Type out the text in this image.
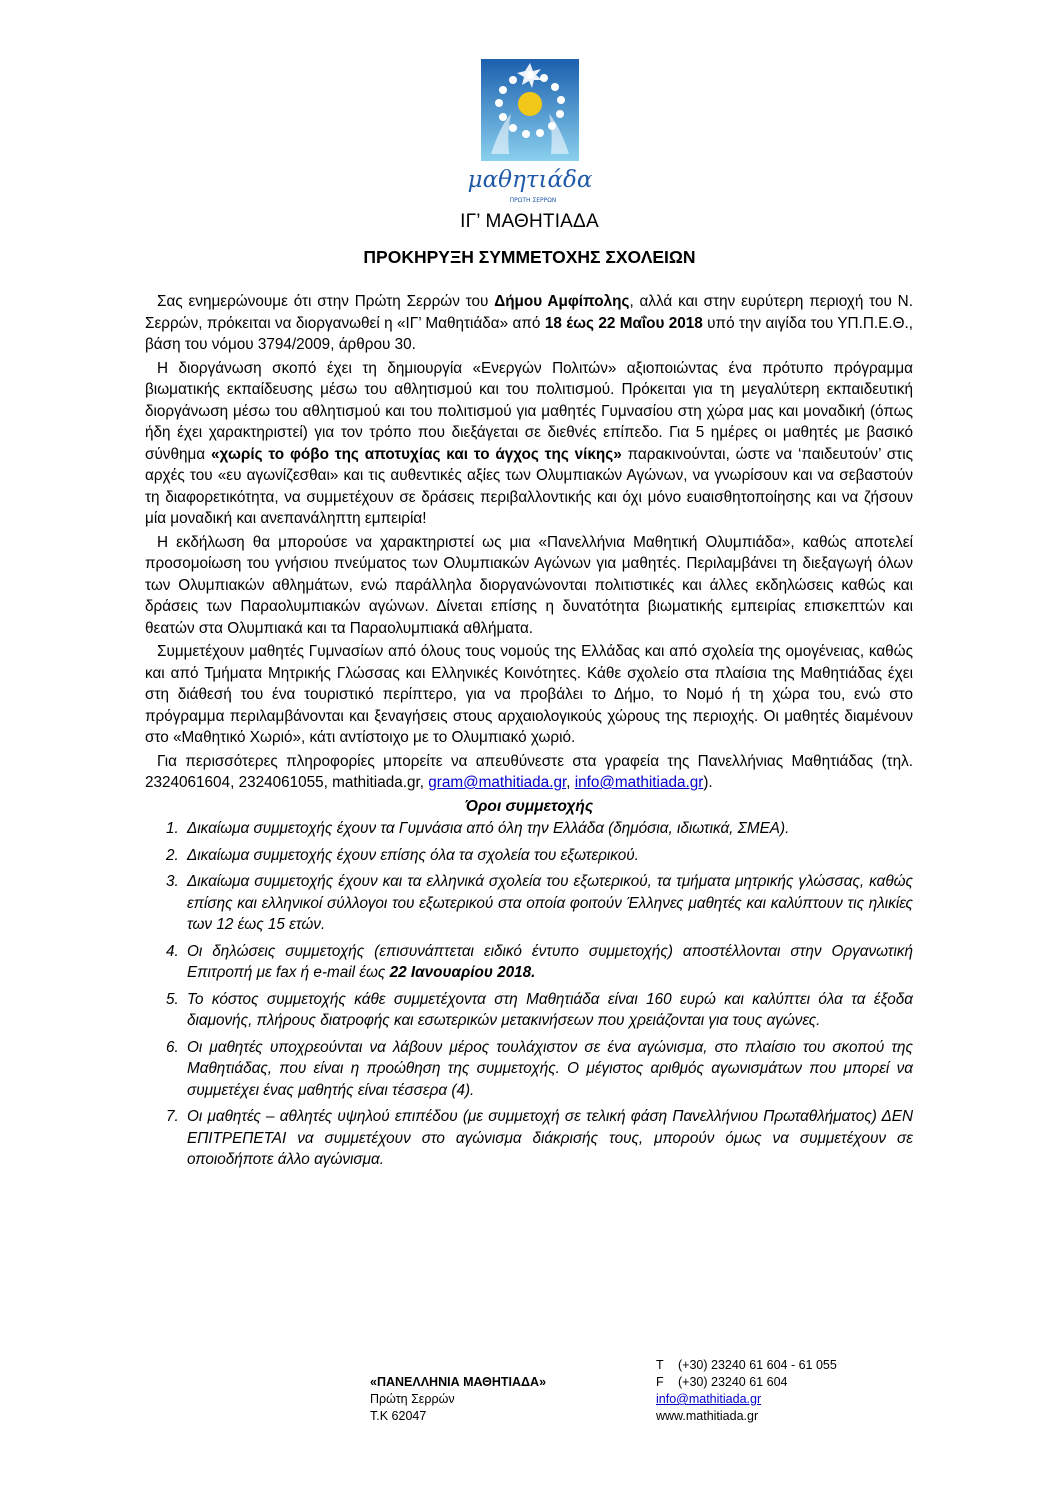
μαθητιάδα
ΠΡΩΤΗ ΣΕΡΡΩΝ
ΙΓ’ ΜΑΘΗΤΙΑΔΑ
ΠΡΟΚΗΡΥΞΗ ΣΥΜΜΕΤΟΧΗΣ ΣΧΟΛΕΙΩΝ

Σας ενημερώνουμε ότι στην Πρώτη Σερρών του Δήμου Αμφίπολης, αλλά και στην ευρύτερη περιοχή του Ν. Σερρών, πρόκειται να διοργανωθεί η «ΙΓ’ Μαθητιάδα» από 18 έως 22 Μαΐου 2018 υπό την αιγίδα του ΥΠ.Π.Ε.Θ., βάση του νόμου 3794/2009, άρθρου 30.

Η διοργάνωση σκοπό έχει τη δημιουργία «Ενεργών Πολιτών» αξιοποιώντας ένα πρότυπο πρόγραμμα βιωματικής εκπαίδευσης μέσω του αθλητισμού και του πολιτισμού. Πρόκειται για τη μεγαλύτερη εκπαιδευτική διοργάνωση μέσω του αθλητισμού και του πολιτισμού για μαθητές Γυμνασίου στη χώρα μας και μοναδική (όπως ήδη έχει χαρακτηριστεί) για τον τρόπο που διεξάγεται σε διεθνές επίπεδο. Για 5 ημέρες οι μαθητές με βασικό σύνθημα «χωρίς το φόβο της αποτυχίας και το άγχος της νίκης» παρακινούνται, ώστε να ‘παιδευτούν’ στις αρχές του «ευ αγωνίζεσθαι» και τις αυθεντικές αξίες των Ολυμπιακών Αγώνων, να γνωρίσουν και να σεβαστούν τη διαφορετικότητα, να συμμετέχουν σε δράσεις περιβαλλοντικής και όχι μόνο ευαισθητοποίησης και να ζήσουν μία μοναδική και ανεπανάληπτη εμπειρία!

Η εκδήλωση θα μπορούσε να χαρακτηριστεί ως μια «Πανελλήνια Μαθητική Ολυμπιάδα», καθώς αποτελεί προσομοίωση του γνήσιου πνεύματος των Ολυμπιακών Αγώνων για μαθητές. Περιλαμβάνει τη διεξαγωγή όλων των Ολυμπιακών αθλημάτων, ενώ παράλληλα διοργανώνονται πολιτιστικές και άλλες εκδηλώσεις καθώς και δράσεις των Παραολυμπιακών αγώνων. Δίνεται επίσης η δυνατότητα βιωματικής εμπειρίας επισκεπτών και θεατών στα Ολυμπιακά και τα Παραολυμπιακά αθλήματα.

Συμμετέχουν μαθητές Γυμνασίων από όλους τους νομούς της Ελλάδας και από σχολεία της ομογένειας, καθώς και από Τμήματα Μητρικής Γλώσσας και Ελληνικές Κοινότητες. Κάθε σχολείο στα πλαίσια της Μαθητιάδας έχει στη διάθεσή του ένα τουριστικό περίπτερο, για να προβάλει το Δήμο, το Νομό ή τη χώρα του, ενώ στο πρόγραμμα περιλαμβάνονται και ξεναγήσεις στους αρχαιολογικούς χώρους της περιοχής. Οι μαθητές διαμένουν στο «Μαθητικό Χωριό», κάτι αντίστοιχο με το Ολυμπιακό χωριό.

Για περισσότερες πληροφορίες μπορείτε να απευθύνεστε στα γραφεία της Πανελλήνιας Μαθητιάδας (τηλ. 2324061604, 2324061055, mathitiada.gr, gram@mathitiada.gr, info@mathitiada.gr).

Όροι συμμετοχής
1. Δικαίωμα συμμετοχής έχουν τα Γυμνάσια από όλη την Ελλάδα (δημόσια, ιδιωτικά, ΣΜΕΑ).
2. Δικαίωμα συμμετοχής έχουν επίσης όλα τα σχολεία του εξωτερικού.
3. Δικαίωμα συμμετοχής έχουν και τα ελληνικά σχολεία του εξωτερικού, τα τμήματα μητρικής γλώσσας, καθώς επίσης και ελληνικοί σύλλογοι του εξωτερικού στα οποία φοιτούν Έλληνες μαθητές και καλύπτουν τις ηλικίες των 12 έως 15 ετών.
4. Οι δηλώσεις συμμετοχής (επισυνάπτεται ειδικό έντυπο συμμετοχής) αποστέλλονται στην Οργανωτική Επιτροπή με fax ή e-mail έως 22 Ιανουαρίου 2018.
5. Το κόστος συμμετοχής κάθε συμμετέχοντα στη Μαθητιάδα είναι 160 ευρώ και καλύπτει όλα τα έξοδα διαμονής, πλήρους διατροφής και εσωτερικών μετακινήσεων που χρειάζονται για τους αγώνες.
6. Οι μαθητές υποχρεούνται να λάβουν μέρος τουλάχιστον σε ένα αγώνισμα, στο πλαίσιο του σκοπού της Μαθητιάδας, που είναι η προώθηση της συμμετοχής. Ο μέγιστος αριθμός αγωνισμάτων που μπορεί να συμμετέχει ένας μαθητής είναι τέσσερα (4).
7. Οι μαθητές – αθλητές υψηλού επιπέδου (με συμμετοχή σε τελική φάση Πανελλήνιου Πρωταθλήματος) ΔΕΝ ΕΠΙΤΡΕΠΕΤΑΙ να συμμετέχουν στο αγώνισμα διάκρισής τους, μπορούν όμως να συμμετέχουν σε οποιοδήποτε άλλο αγώνισμα.
«ΠΑΝΕΛΛΗΝΙΑ ΜΑΘΗΤΙΑΔΑ»
Πρώτη Σερρών
Τ.Κ 62047
T (+30) 23240 61 604 - 61 055
F (+30) 23240 61 604
info@mathitiada.gr
www.mathitiada.gr
